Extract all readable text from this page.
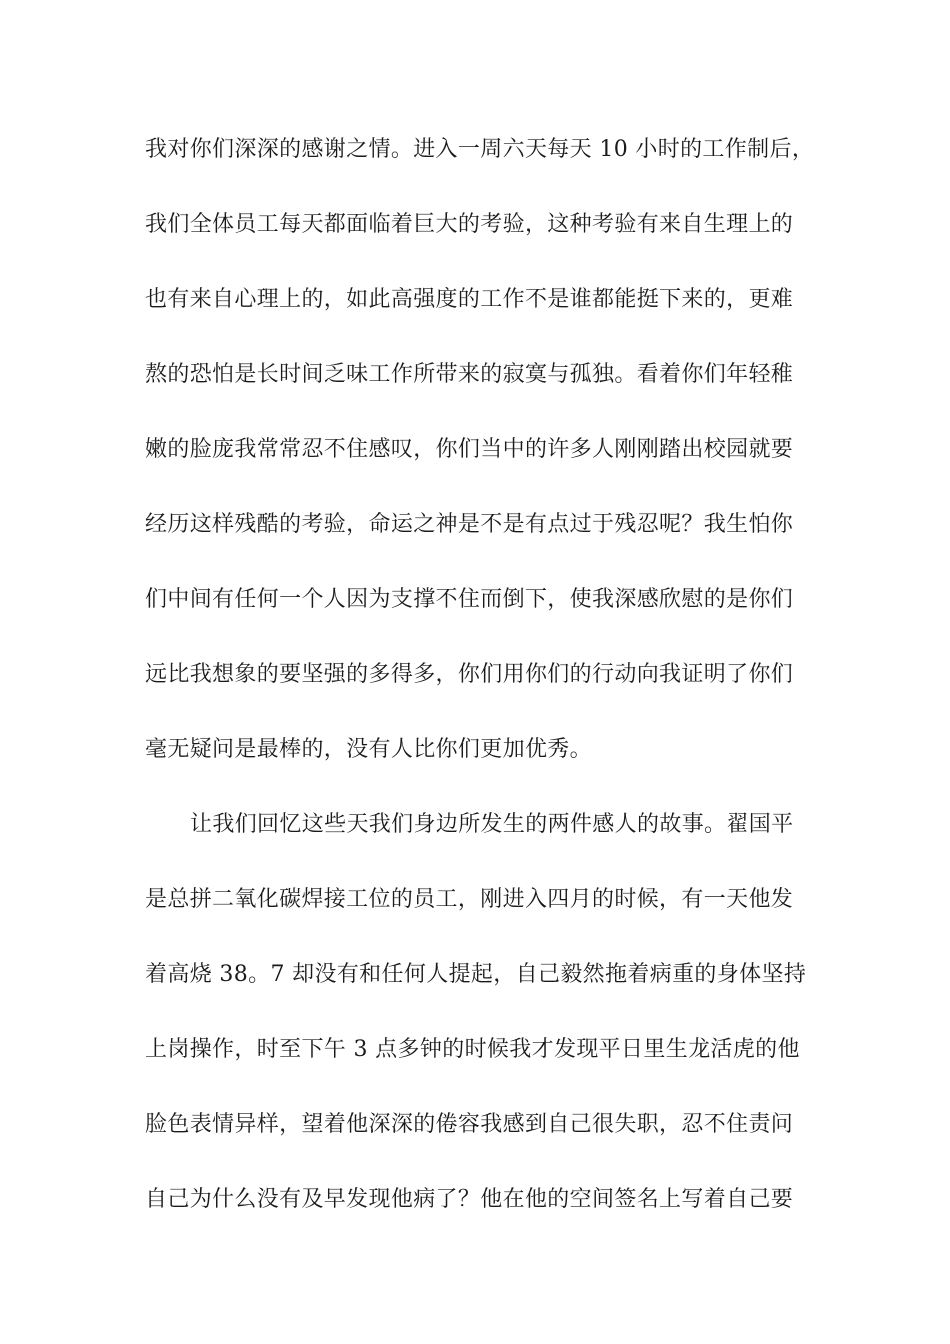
我对你们深深的感谢之情。进入一周六天每天 10 小时的工作制后，
我们全体员工每天都面临着巨大的考验，这种考验有来自生理上的
也有来自心理上的，如此高强度的工作不是谁都能挺下来的，更难
熬的恐怕是长时间乏味工作所带来的寂寞与孤独。看着你们年轻稚
嫩的脸庞我常常忍不住感叹，你们当中的许多人刚刚踏出校园就要
经历这样残酷的考验，命运之神是不是有点过于残忍呢？我生怕你
们中间有任何一个人因为支撑不住而倒下，使我深感欣慰的是你们
远比我想象的要坚强的多得多，你们用你们的行动向我证明了你们
毫无疑问是最棒的，没有人比你们更加优秀。
让我们回忆这些天我们身边所发生的两件感人的故事。翟国平
是总拼二氧化碳焊接工位的员工，刚进入四月的时候，有一天他发
着高烧 38。7 却没有和任何人提起，自己毅然拖着病重的身体坚持
上岗操作，时至下午 3 点多钟的时候我才发现平日里生龙活虎的他
脸色表情异样，望着他深深的倦容我感到自己很失职，忍不住责问
自己为什么没有及早发现他病了？他在他的空间签名上写着自己要
